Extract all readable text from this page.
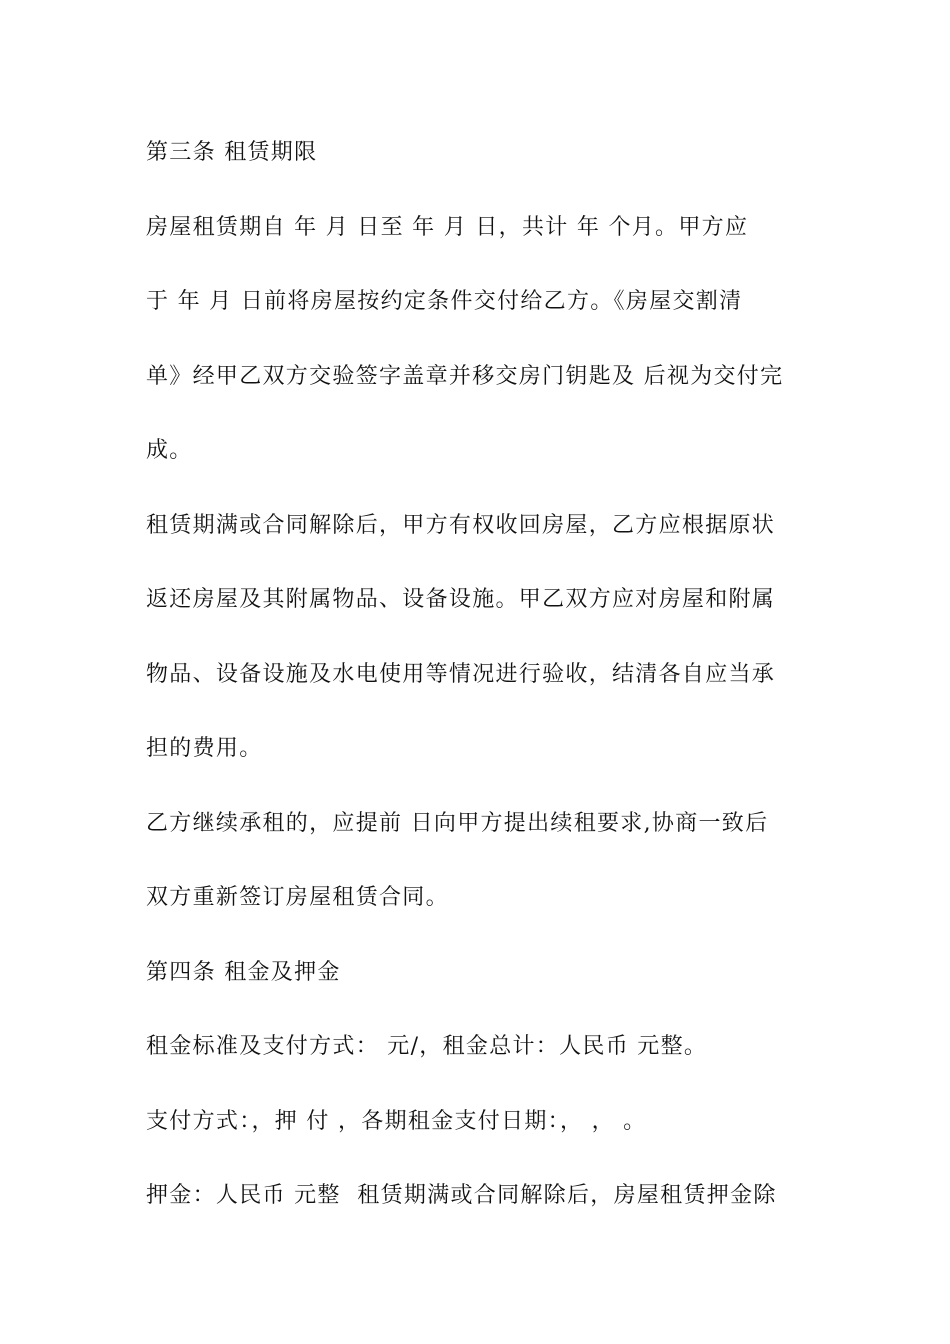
第三条 租赁期限
房屋租赁期自 年 月 日至 年 月 日，共计 年 个月。甲方应
于 年 月 日前将房屋按约定条件交付给乙方。《房屋交割清
单》经甲乙双方交验签字盖章并移交房门钥匙及 后视为交付完
成。
租赁期满或合同解除后，甲方有权收回房屋，乙方应根据原状
返还房屋及其附属物品、设备设施。甲乙双方应对房屋和附属
物品、设备设施及水电使用等情况进行验收，结清各自应当承
担的费用。
乙方继续承租的，应提前 日向甲方提出续租要求,协商一致后
双方重新签订房屋租赁合同。
第四条 租金及押金
租金标准及支付方式： 元/，租金总计：人民币 元整。
支付方式：，押 付 ，各期租金支付日期：， ， 。
押金：人民币 元整  租赁期满或合同解除后，房屋租赁押金除
